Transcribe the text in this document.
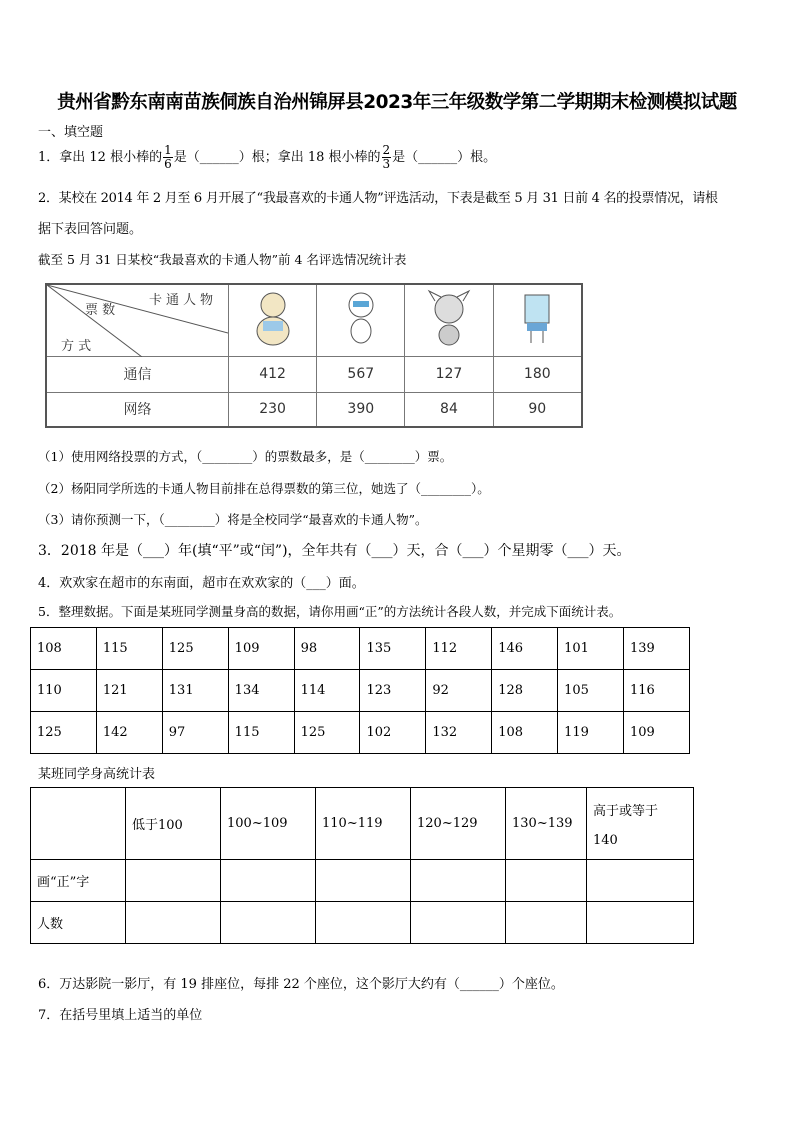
贵州省黔东南南苗族侗族自治州锦屏县2023年三年级数学第二学期期末检测模拟试题
一、填空题
1．拿出 12 根小棒的 $\frac{1}{6}$ 是（______）根；拿出 18 根小棒的 $\frac{2}{3}$ 是（______）根。
2．某校在 2014 年 2 月至 6 月开展了“我最喜欢的卡通人物”评选活动，下表是截至 5 月 31 日前 4 名的投票情况，请根
据下表回答问题。
截至 5 月 31 日某校“我最喜欢的卡通人物”前 4 名评选情况统计表
票 数
卡通人物
方 式

通信	412	567	127	180
网络	230	390	84	90
（1）使用网络投票的方式，（________）的票数最多，是（________）票。
（2）杨阳同学所选的卡通人物目前排在总得票数的第三位，她选了（________）。
（3）请你预测一下，（________）将是全校同学“最喜欢的卡通人物”。
3．2018 年是（___）年(填“平”或“闰”)，全年共有（___）天，合（___）个星期零（___）天。
4．欢欢家在超市的东南面，超市在欢欢家的（___）面。
5．整理数据。下面是某班同学测量身高的数据，请你用画“正”的方法统计各段人数，并完成下面统计表。
108	115	125	109	98	135	112	146	101	139
110	121	131	134	114	123	92	128	105	116
125	142	97	115	125	102	132	108	119	109
某班同学身高统计表
	低于100	100~109	110~119	120~129	130~139	高于或等于
140

画“正”字						
人数						
6．万达影院一影厅，有 19 排座位，每排 22 个座位，这个影厅大约有（______）个座位。
7．在括号里填上适当的单位
